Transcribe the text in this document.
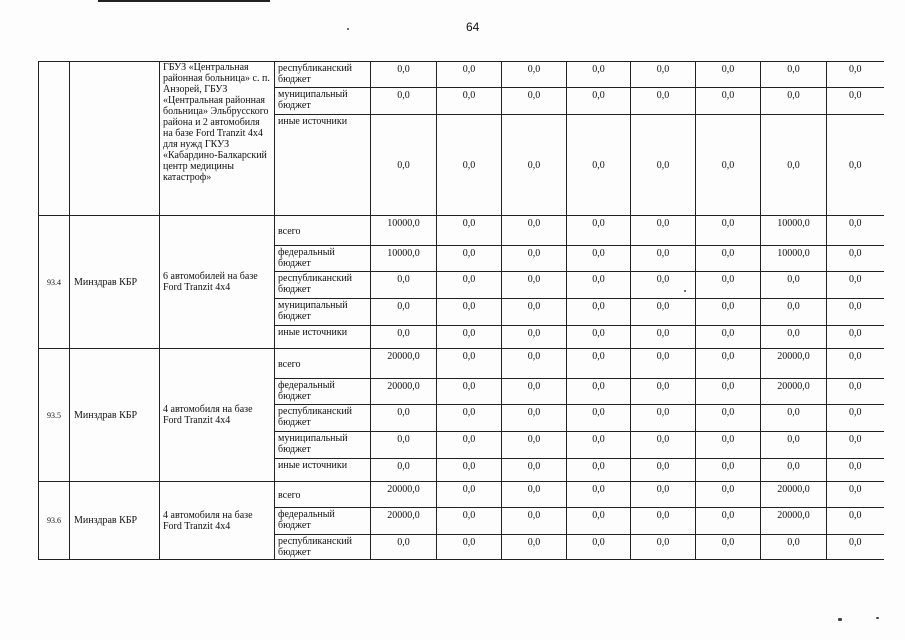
64
		ГБУЗ «Центральная районная больница» с. п. Анзорей, ГБУЗ «Центральная районная больница» Эльбрусского района и 2 автомобиля на базе Ford Tranzit 4x4 для нужд ГКУЗ «Кабардино-Балкарский центр медицины катастроф»	республиканский бюджет	0,0	0,0	0,0	0,0	0,0	0,0	0,0	0,0
			муниципальный бюджет	0,0	0,0	0,0	0,0	0,0	0,0	0,0	0,0
			иные источники	0,0	0,0	0,0	0,0	0,0	0,0	0,0	0,0
93.4	Минздрав КБР	6 автомобилей на базе Ford Tranzit 4x4	всего	10000,0	0,0	0,0	0,0	0,0	0,0	10000,0	0,0
			федеральный бюджет	10000,0	0,0	0,0	0,0	0,0	0,0	10000,0	0,0
			республиканский бюджет	0,0	0,0	0,0	0,0	0,0	0,0	0,0	0,0
			муниципальный бюджет	0,0	0,0	0,0	0,0	0,0	0,0	0,0	0,0
			иные источники	0,0	0,0	0,0	0,0	0,0	0,0	0,0	0,0
93.5	Минздрав КБР	4 автомобиля на базе Ford Tranzit 4x4	всего	20000,0	0,0	0,0	0,0	0,0	0,0	20000,0	0,0
			федеральный бюджет	20000,0	0,0	0,0	0,0	0,0	0,0	20000,0	0,0
			республиканский бюджет	0,0	0,0	0,0	0,0	0,0	0,0	0,0	0,0
			муниципальный бюджет	0,0	0,0	0,0	0,0	0,0	0,0	0,0	0,0
			иные источники	0,0	0,0	0,0	0,0	0,0	0,0	0,0	0,0
93.6	Минздрав КБР	4 автомобиля на базе Ford Tranzit 4x4	всего	20000,0	0,0	0,0	0,0	0,0	0,0	20000,0	0,0
			федеральный бюджет	20000,0	0,0	0,0	0,0	0,0	0,0	20000,0	0,0
			республиканский бюджет	0,0	0,0	0,0	0,0	0,0	0,0	0,0	0,0
